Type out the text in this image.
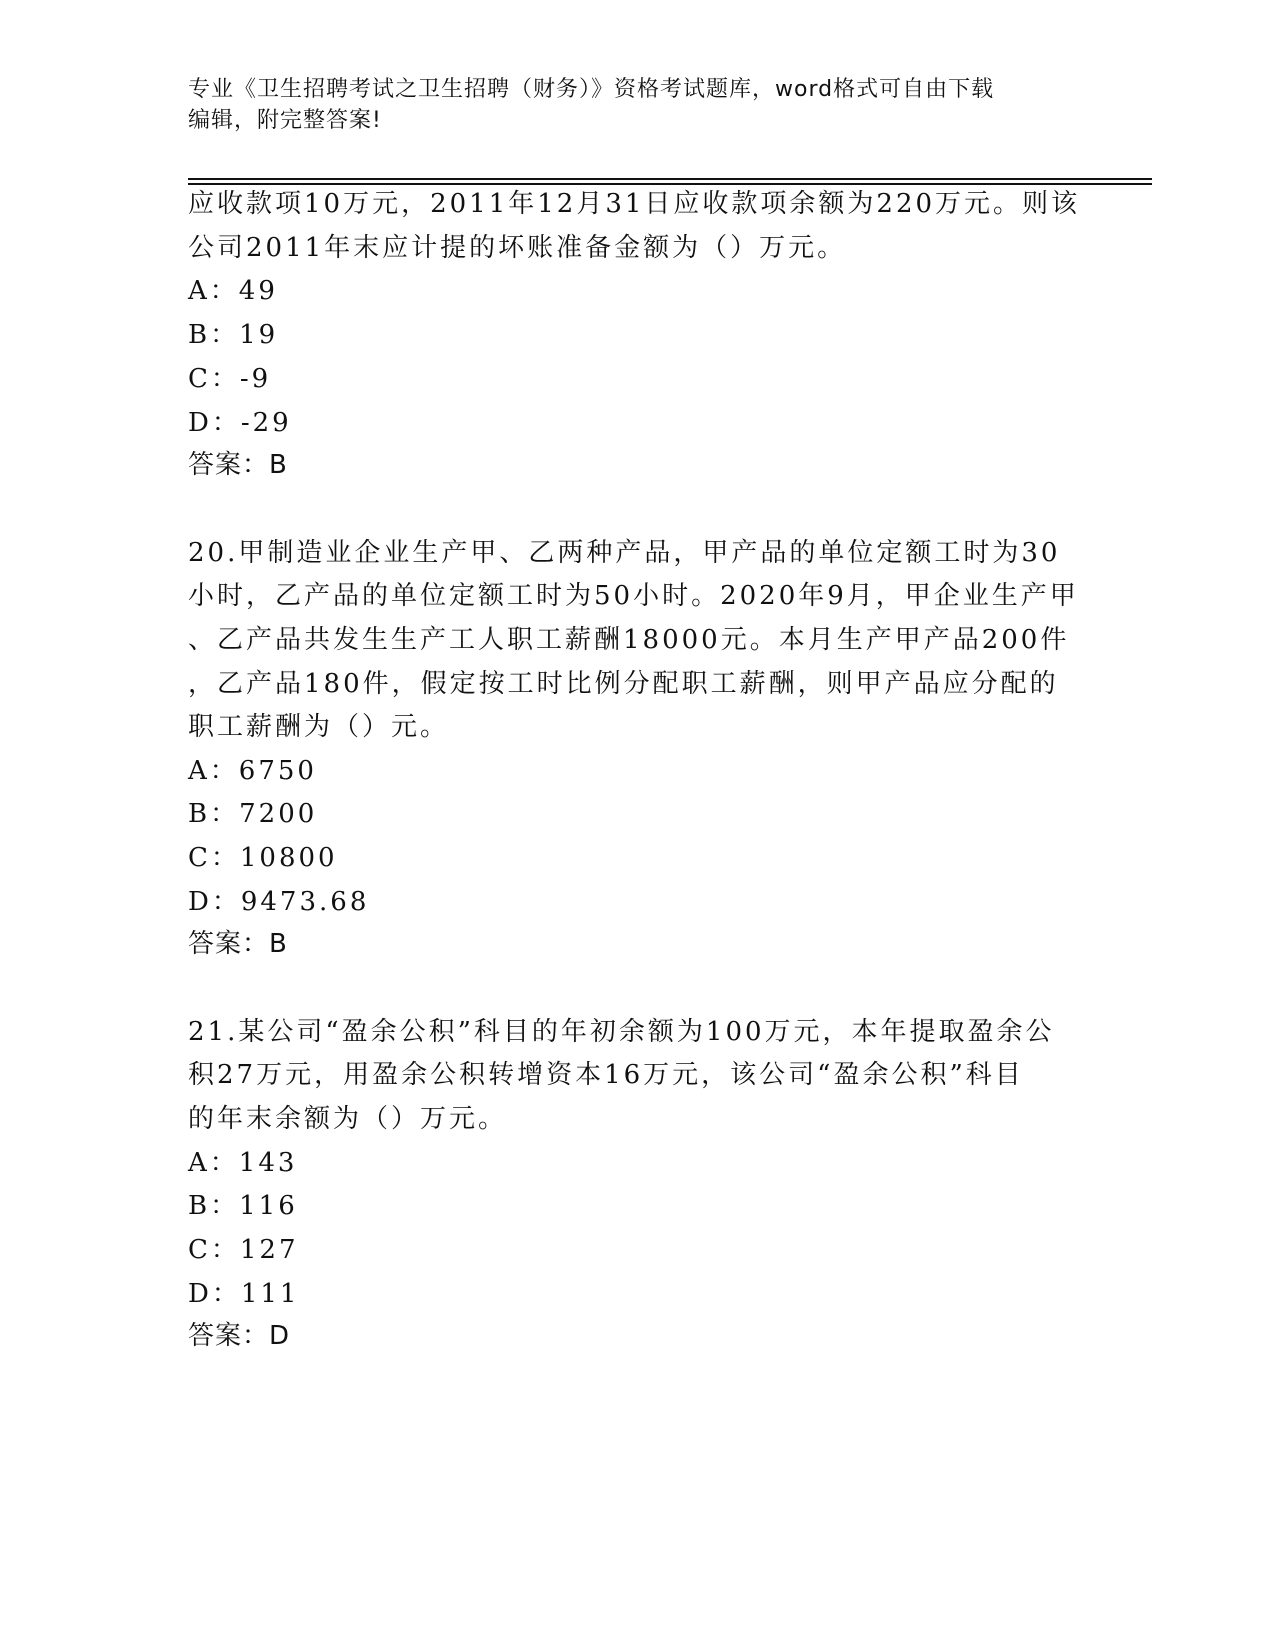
专业《卫生招聘考试之卫生招聘（财务）》资格考试题库，word格式可自由下载
编辑，附完整答案!
应收款项10万元，2011年12月31日应收款项余额为220万元。则该
公司2011年末应计提的坏账准备金额为（）万元。
A：49
B：19
C：-9
D：-29
答案：B
20.甲制造业企业生产甲、乙两种产品，甲产品的单位定额工时为30
小时，乙产品的单位定额工时为50小时。2020年9月，甲企业生产甲
、乙产品共发生生产工人职工薪酬18000元。本月生产甲产品200件
，乙产品180件，假定按工时比例分配职工薪酬，则甲产品应分配的
职工薪酬为（）元。
A：6750
B：7200
C：10800
D：9473.68
答案：B
21.某公司“盈余公积”科目的年初余额为100万元，本年提取盈余公
积27万元，用盈余公积转增资本16万元，该公司“盈余公积”科目
的年末余额为（）万元。
A：143
B：116
C：127
D：111
答案：D
